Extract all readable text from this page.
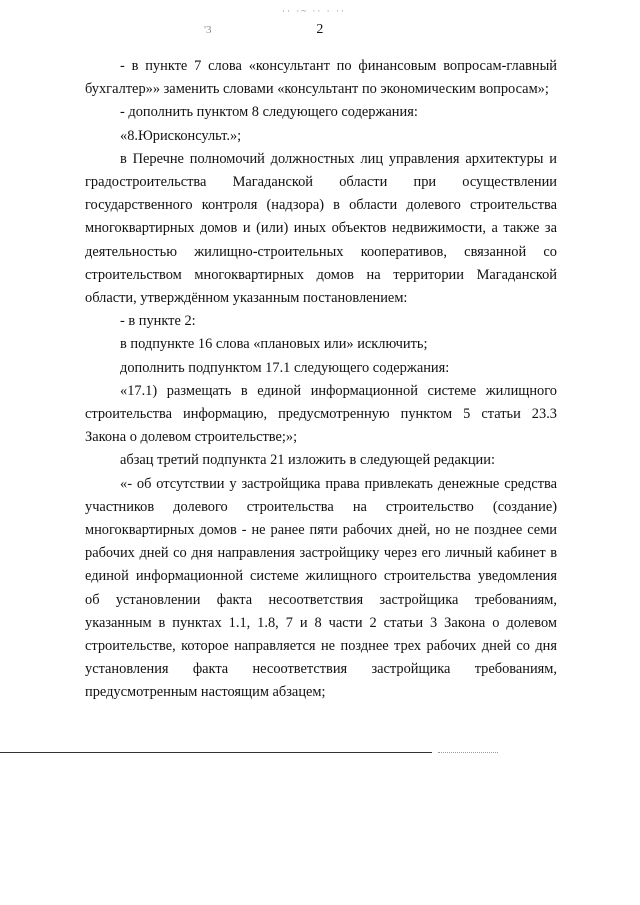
·· ·~ ·· · ··
'3	2

- в пункте 7 слова «консультант по финансовым вопросам-главный бухгалтер»» заменить словами «консультант по экономическим вопросам»;

- дополнить пунктом 8 следующего содержания:

«8.Юрисконсульт.»;

в Перечне полномочий должностных лиц управления архитектуры и градостроительства Магаданской области при осуществлении государственного контроля (надзора) в области долевого строительства многоквартирных домов и (или) иных объектов недвижимости, а также за деятельностью жилищно-строительных кооперативов, связанной со строительством многоквартирных домов на территории Магаданской области, утверждённом указанным постановлением:

- в пункте 2:

в подпункте 16 слова «плановых или» исключить;

дополнить подпунктом 17.1 следующего содержания:

«17.1) размещать в единой информационной системе жилищного строительства информацию, предусмотренную пунктом 5 статьи 23.3 Закона о долевом строительстве;»;

абзац третий подпункта 21 изложить в следующей редакции:

«- об отсутствии у застройщика права привлекать денежные средства участников долевого строительства на строительство (создание) многоквартирных домов - не ранее пяти рабочих дней, но не позднее семи рабочих дней со дня направления застройщику через его личный кабинет в единой информационной системе жилищного строительства уведомления об установлении факта несоответствия застройщика требованиям, указанным в пунктах 1.1, 1.8, 7 и 8 части 2 статьи 3 Закона о долевом строительстве, которое направляется не позднее трех рабочих дней со дня установления факта несоответствия застройщика требованиям, предусмотренным настоящим абзацем;
